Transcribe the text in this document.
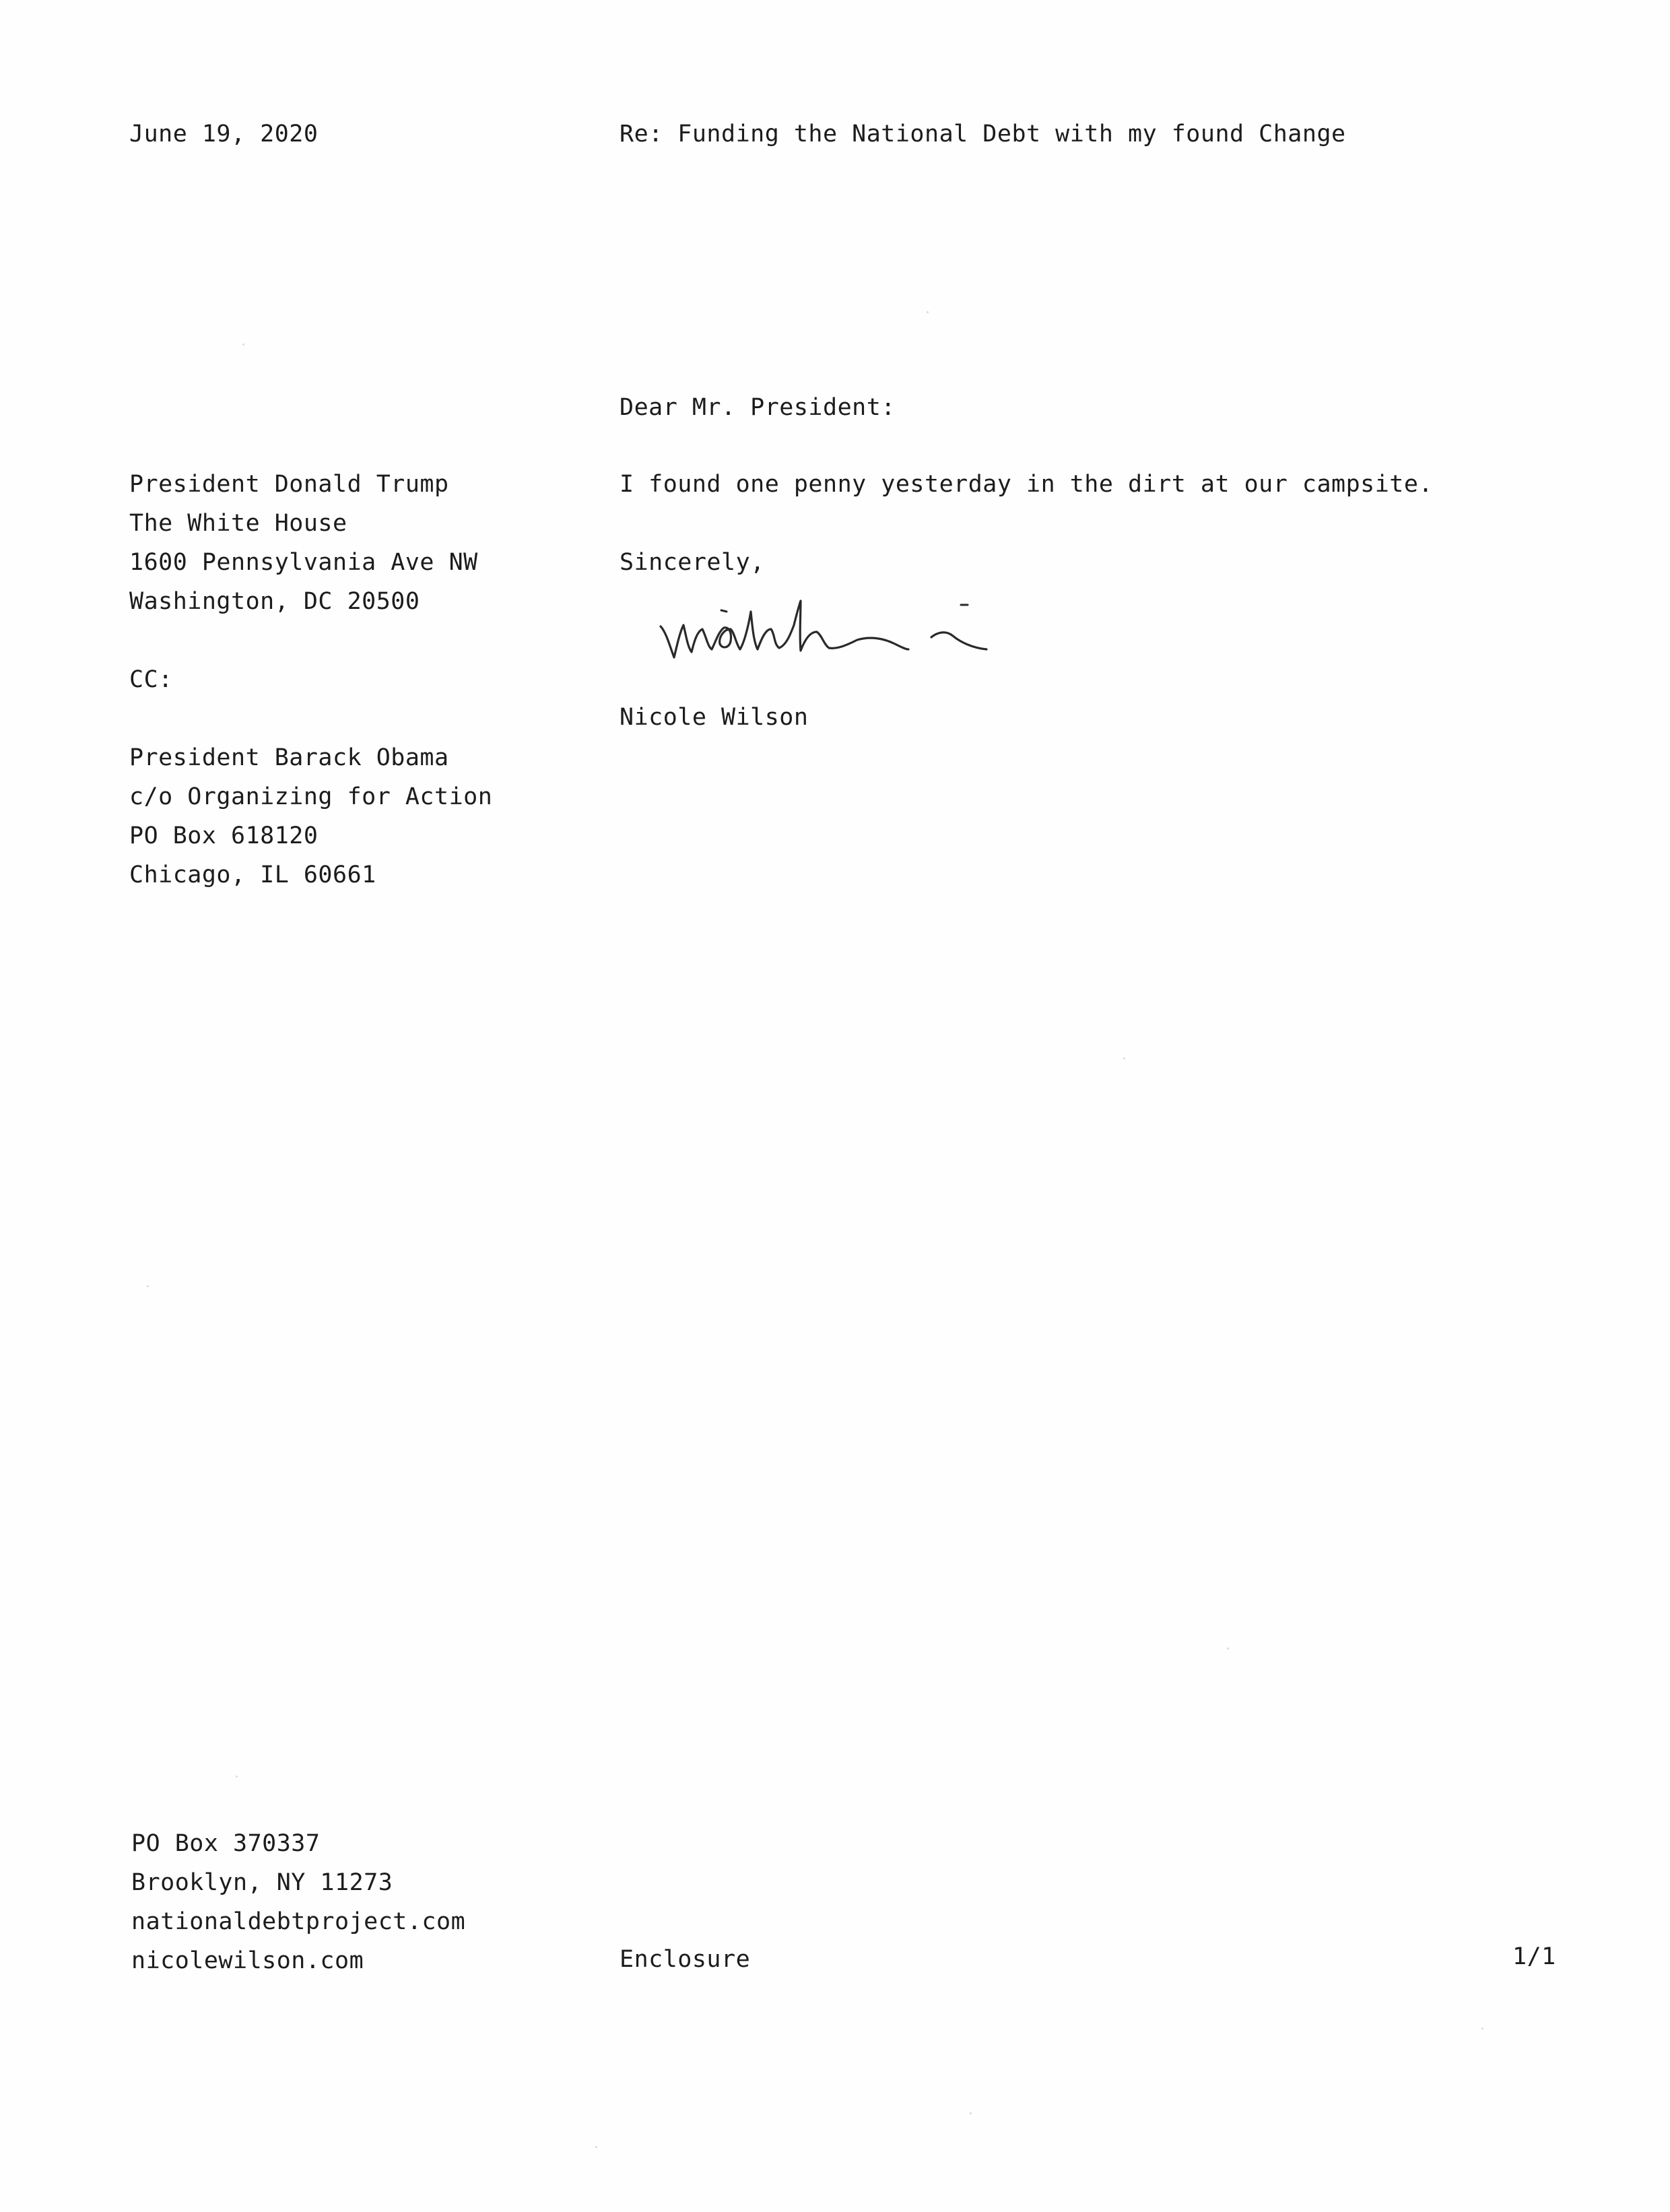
June 19, 2020	Re: Funding the National Debt with my found Change
Dear Mr. President:
President Donald Trump
The White House
1600 Pennsylvania Ave NW
Washington, DC 20500
I found one penny yesterday in the dirt at our campsite.
Sincerely,
CC:
Nicole Wilson
President Barack Obama
c/o Organizing for Action
PO Box 618120
Chicago, IL 60661
PO Box 370337
Brooklyn, NY 11273
nationaldebtproject.com
nicolewilson.com	Enclosure	1/1
